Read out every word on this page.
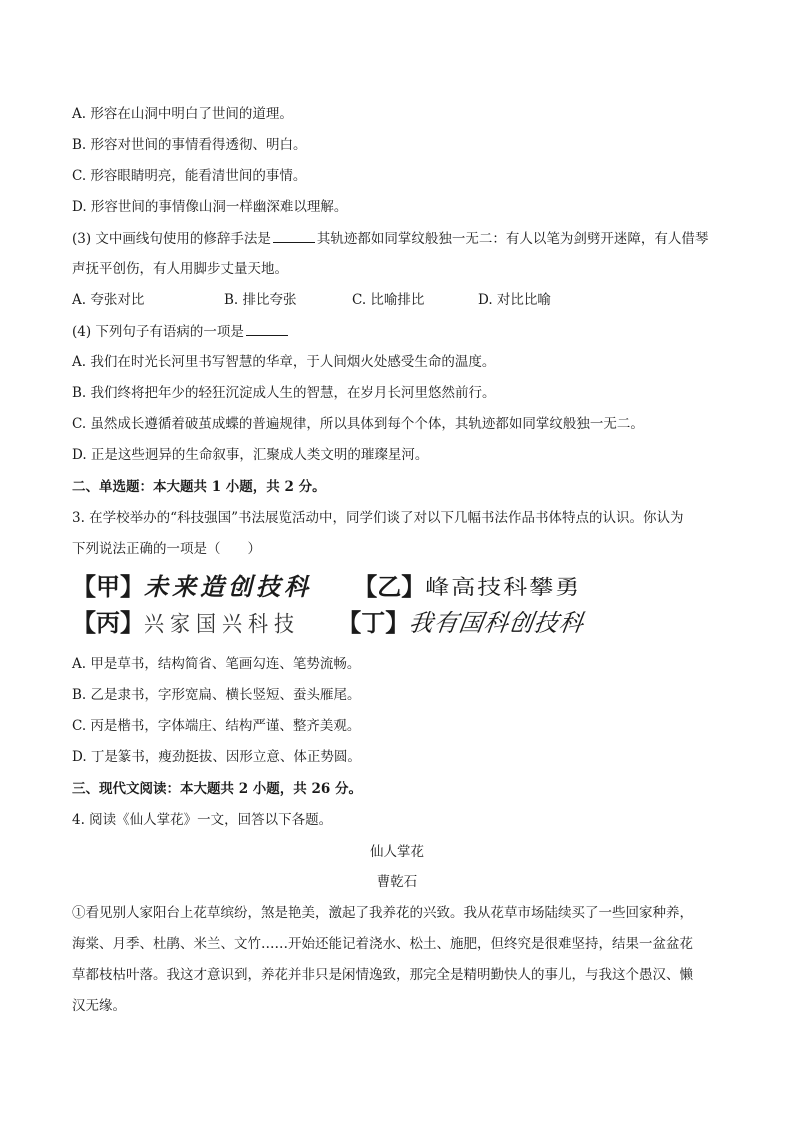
A. 形容在山洞中明白了世间的道理。
B. 形容对世间的事情看得透彻、明白。
C. 形容眼睛明亮，能看清世间的事情。
D. 形容世间的事情像山洞一样幽深难以理解。
(3) 文中画线句使用的修辞手法是	其轨迹都如同掌纹般独一无二：有人以笔为剑劈开迷障，有人借琴
声抚平创伤，有人用脚步丈量天地。
A. 夸张对比	B. 排比夸张	C. 比喻排比	D. 对比比喻
(4) 下列句子有语病的一项是
A. 我们在时光长河里书写智慧的华章，于人间烟火处感受生命的温度。
B. 我们终将把年少的轻狂沉淀成人生的智慧，在岁月长河里悠然前行。
C. 虽然成长遵循着破茧成蝶的普遍规律，所以具体到每个个体，其轨迹都如同掌纹般独一无二。
D. 正是这些迥异的生命叙事，汇聚成人类文明的璀璨星河。
二、单选题：本大题共 1 小题，共 2 分。
3. 在学校举办的“科技强国”书法展览活动中，同学们谈了对以下几幅书法作品书体特点的认识。你认为
下列说法正确的一项是（　　）
【甲】未来造创技科 【乙】峰高技科攀勇
【丙】兴家国兴科技 【丁】我有国科创技科
A. 甲是草书，结构简省、笔画勾连、笔势流畅。
B. 乙是隶书，字形宽扁、横长竖短、蚕头雁尾。
C. 丙是楷书，字体端庄、结构严谨、整齐美观。
D. 丁是篆书，瘦劲挺拔、因形立意、体正势圆。
三、现代文阅读：本大题共 2 小题，共 26 分。
4. 阅读《仙人掌花》一文，回答以下各题。
仙人掌花
曹乾石
①看见别人家阳台上花草缤纷，煞是艳美，激起了我养花的兴致。我从花草市场陆续买了一些回家种养，
海棠、月季、杜鹃、米兰、文竹……开始还能记着浇水、松土、施肥，但终究是很难坚持，结果一盆盆花
草都枝枯叶落。我这才意识到，养花并非只是闲情逸致，那完全是精明勤快人的事儿，与我这个愚汉、懒
汉无缘。
